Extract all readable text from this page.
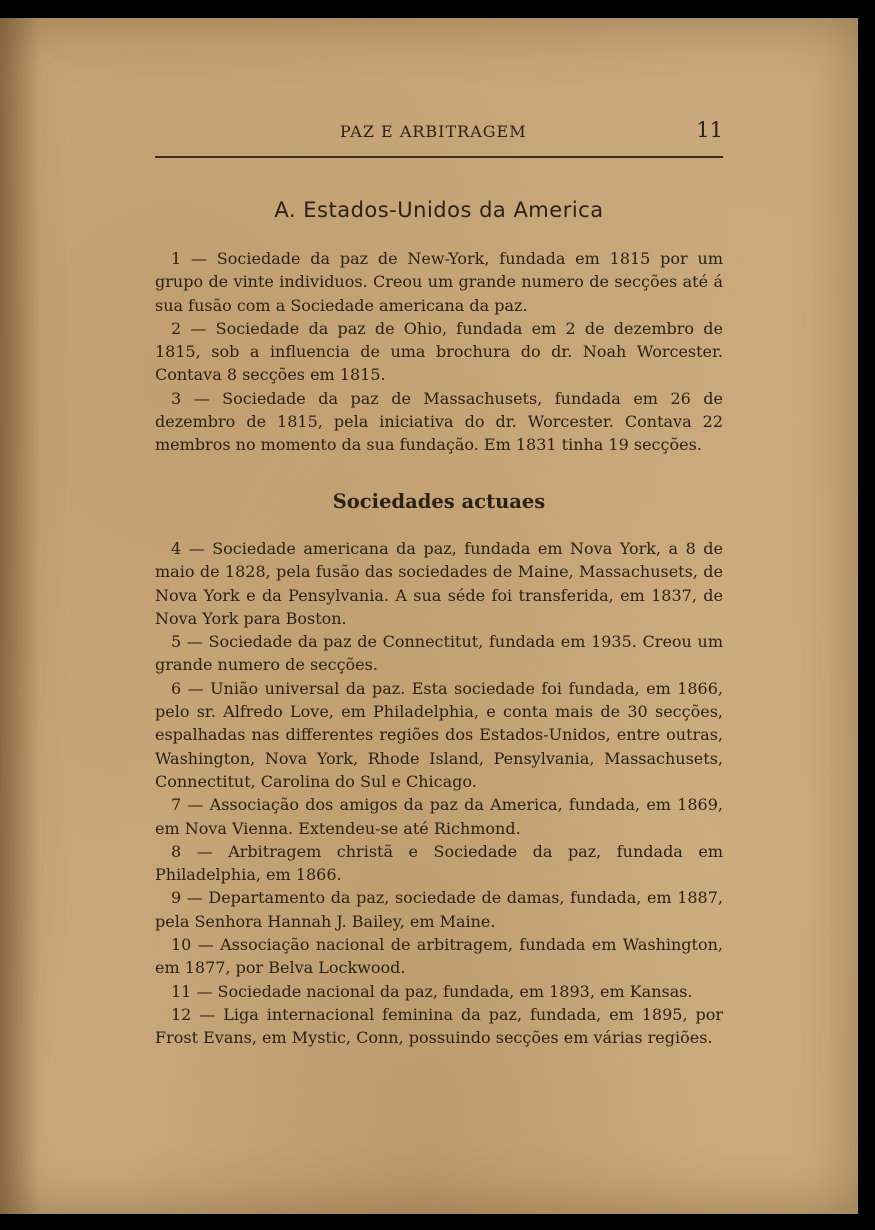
PAZ E ARBITRAGEM	11
A. Estados-Unidos da America

1 — Sociedade da paz de New-York, fundada em 1815 por um grupo de vinte individuos. Creou um grande numero de secções até á sua fusão com a Sociedade americana da paz.

2 — Sociedade da paz de Ohio, fundada em 2 de dezembro de 1815, sob a influencia de uma brochura do dr. Noah Worcester. Contava 8 secções em 1815.

3 — Sociedade da paz de Massachusets, fundada em 26 de dezembro de 1815, pela iniciativa do dr. Worcester. Contava 22 membros no momento da sua fundação. Em 1831 tinha 19 secções.

Sociedades actuaes

4 — Sociedade americana da paz, fundada em Nova York, a 8 de maio de 1828, pela fusão das sociedades de Maine, Massachusets, de Nova York e da Pensylvania. A sua séde foi transferida, em 1837, de Nova York para Boston.

5 — Sociedade da paz de Connectitut, fundada em 1935. Creou um grande numero de secções.

6 — União universal da paz. Esta sociedade foi fundada, em 1866, pelo sr. Alfredo Love, em Philadelphia, e conta mais de 30 secções, espalhadas nas differentes regiões dos Estados-Unidos, entre outras, Washington, Nova York, Rhode Island, Pensylvania, Massachusets, Connectitut, Carolina do Sul e Chicago.

7 — Associação dos amigos da paz da America, fundada, em 1869, em Nova Vienna. Extendeu-se até Richmond.

8 — Arbitragem christã e Sociedade da paz, fundada em Philadelphia, em 1866.

9 — Departamento da paz, sociedade de damas, fundada, em 1887, pela Senhora Hannah J. Bailey, em Maine.

10 — Associação nacional de arbitragem, fundada em Washington, em 1877, por Belva Lockwood.

11 — Sociedade nacional da paz, fundada, em 1893, em Kansas.

12 — Liga internacional feminina da paz, fundada, em 1895, por Frost Evans, em Mystic, Conn, possuindo secções em várias regiões.
